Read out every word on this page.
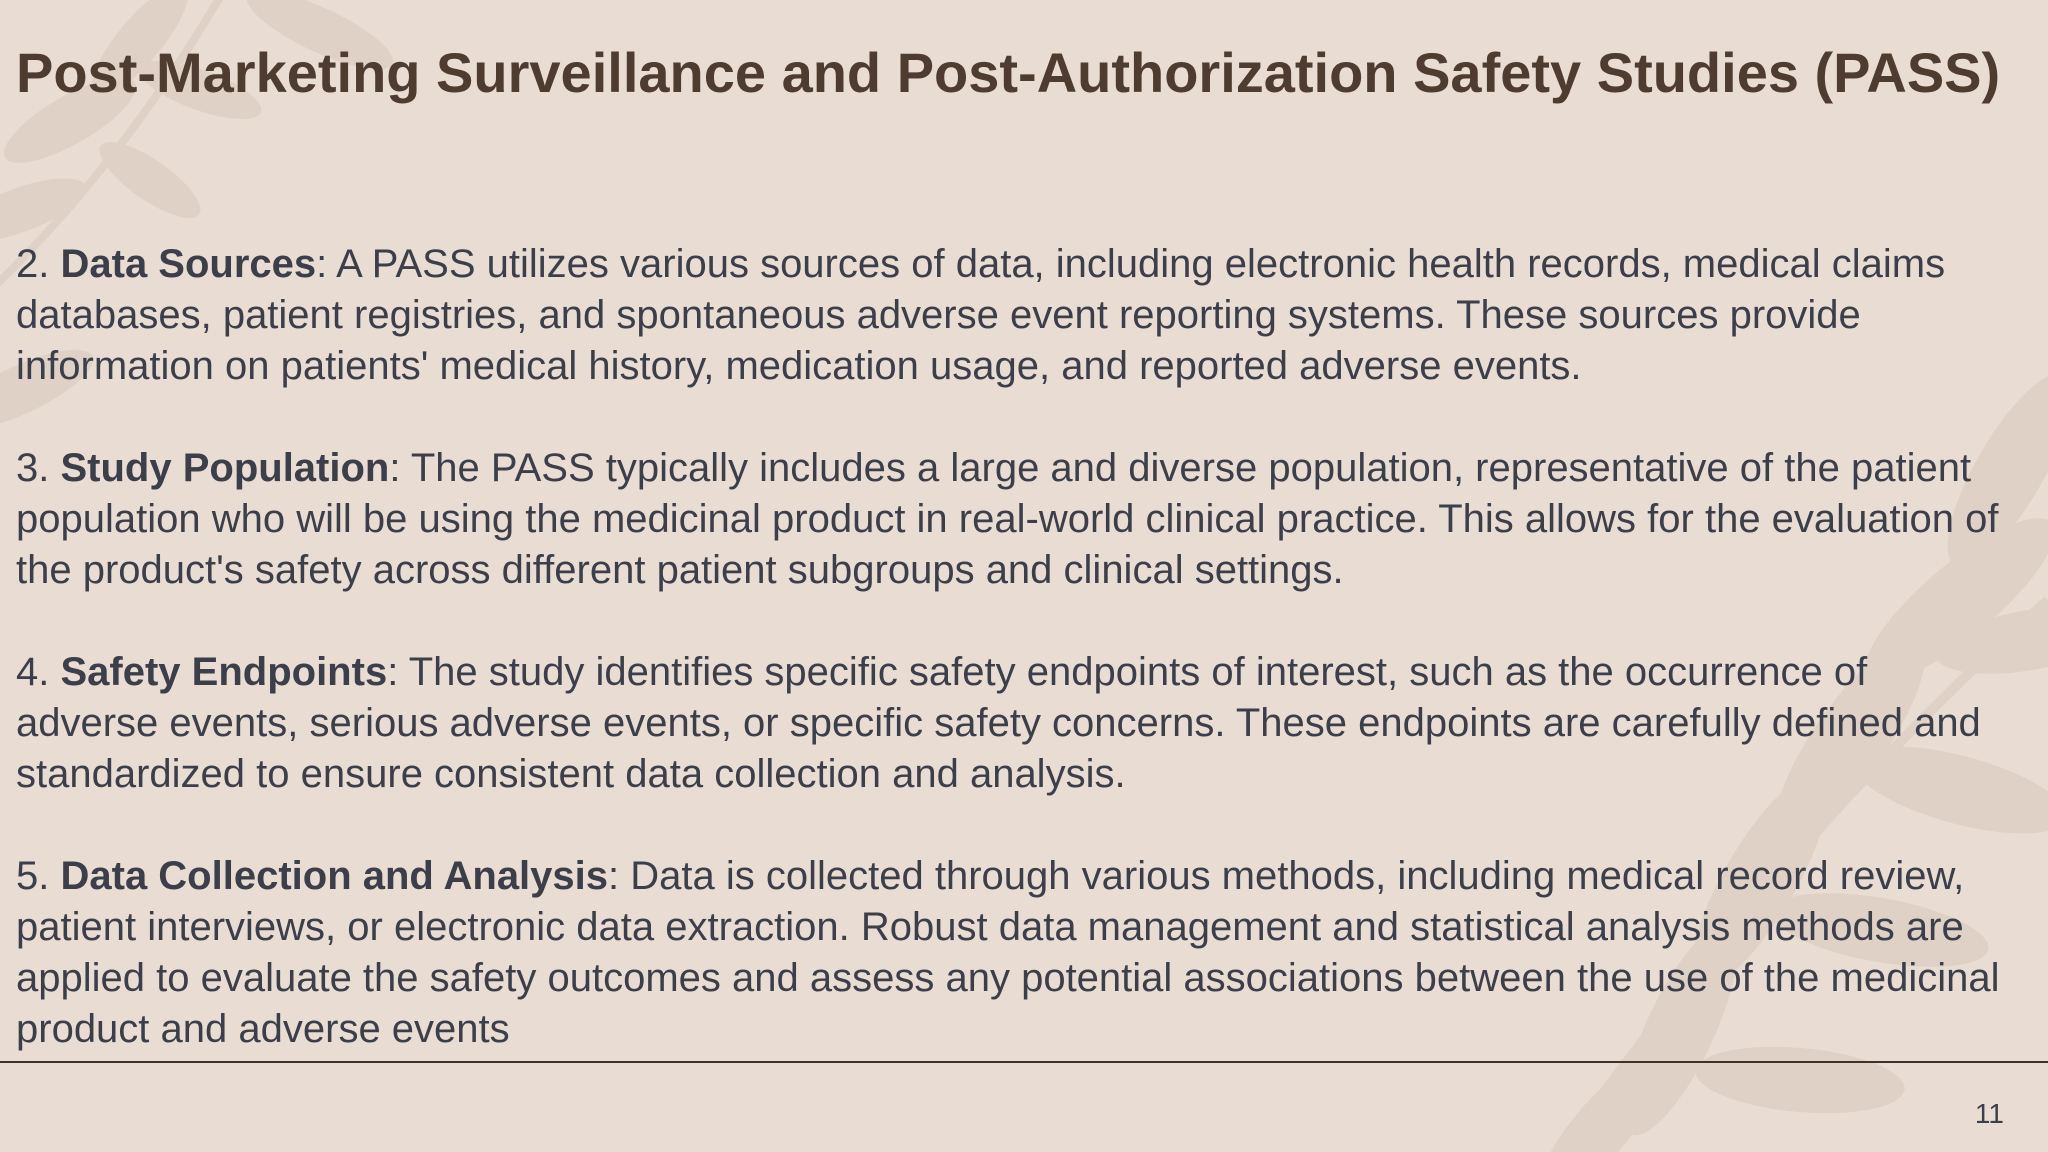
Post-Marketing Surveillance and Post-Authorization Safety Studies (PASS)

2. Data Sources: A PASS utilizes various sources of data, including electronic health records, medical claims databases, patient registries, and spontaneous adverse event reporting systems. These sources provide information on patients' medical history, medication usage, and reported adverse events.

3. Study Population: The PASS typically includes a large and diverse population, representative of the patient population who will be using the medicinal product in real-world clinical practice. This allows for the evaluation of the product's safety across different patient subgroups and clinical settings.

4. Safety Endpoints: The study identifies specific safety endpoints of interest, such as the occurrence of adverse events, serious adverse events, or specific safety concerns. These endpoints are carefully defined and standardized to ensure consistent data collection and analysis.

5. Data Collection and Analysis: Data is collected through various methods, including medical record review, patient interviews, or electronic data extraction. Robust data management and statistical analysis methods are applied to evaluate the safety outcomes and assess any potential associations between the use of the medicinal product and adverse events

11
